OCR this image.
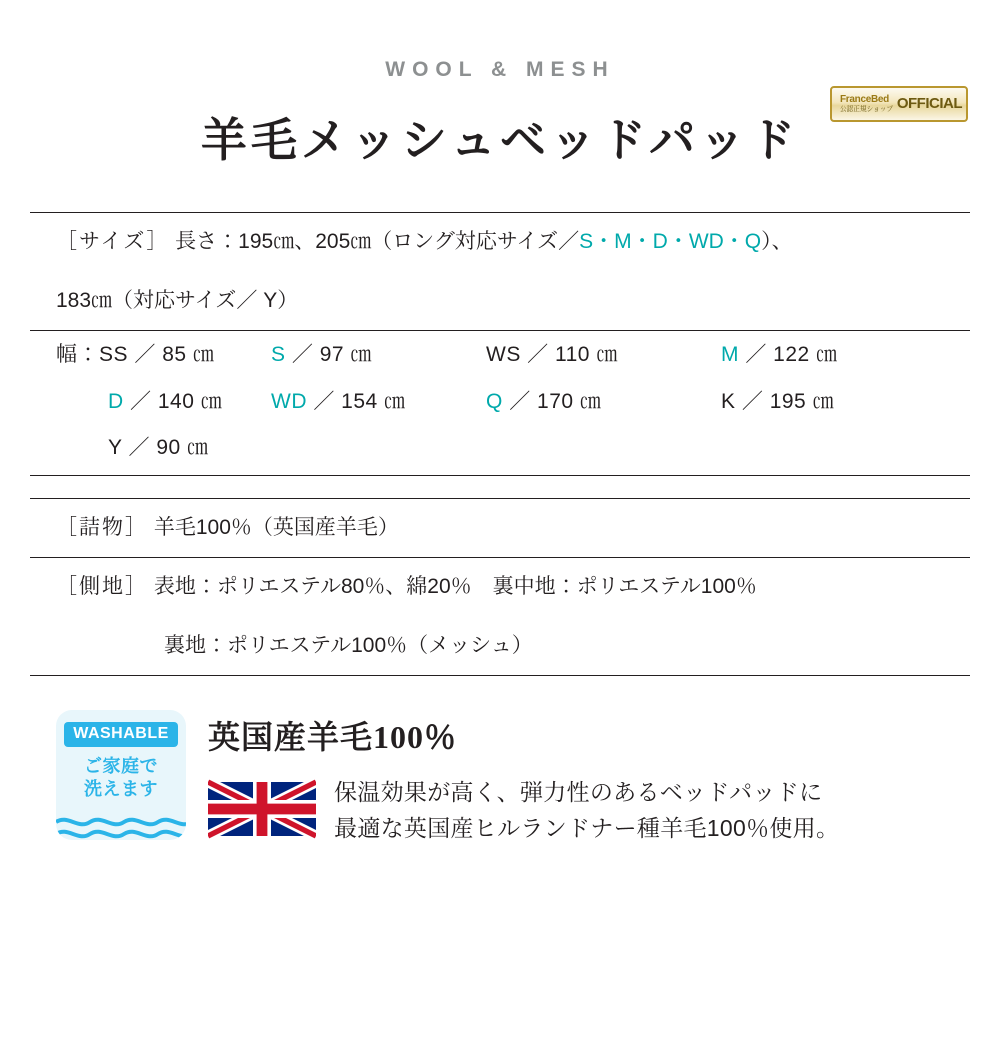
FranceBed
公認正規ショップ OFFICIAL
WOOL & MESH
羊毛メッシュベッドパッド
［サイズ］ 長さ：195㎝、205㎝（ロング対応サイズ／S・M・D・WD・Q）、
183㎝（対応サイズ／ Y）
幅：SS ／ 85 ㎝	S ／ 97 ㎝	WS ／ 110 ㎝	M ／ 122 ㎝
D ／ 140 ㎝	WD ／ 154 ㎝	Q ／ 170 ㎝	K ／ 195 ㎝
Y ／ 90 ㎝
［詰物］ 羊毛100％（英国産羊毛）
［側地］ 表地：ポリエステル80％、綿20％　裏中地：ポリエステル100％
裏地：ポリエステル100％（メッシュ）
WASHABLE
ご家庭で
洗えます
英国産羊毛100％
保温効果が高く、弾力性のあるベッドパッドに
最適な英国産ヒルランドナー種羊毛100％使用。
